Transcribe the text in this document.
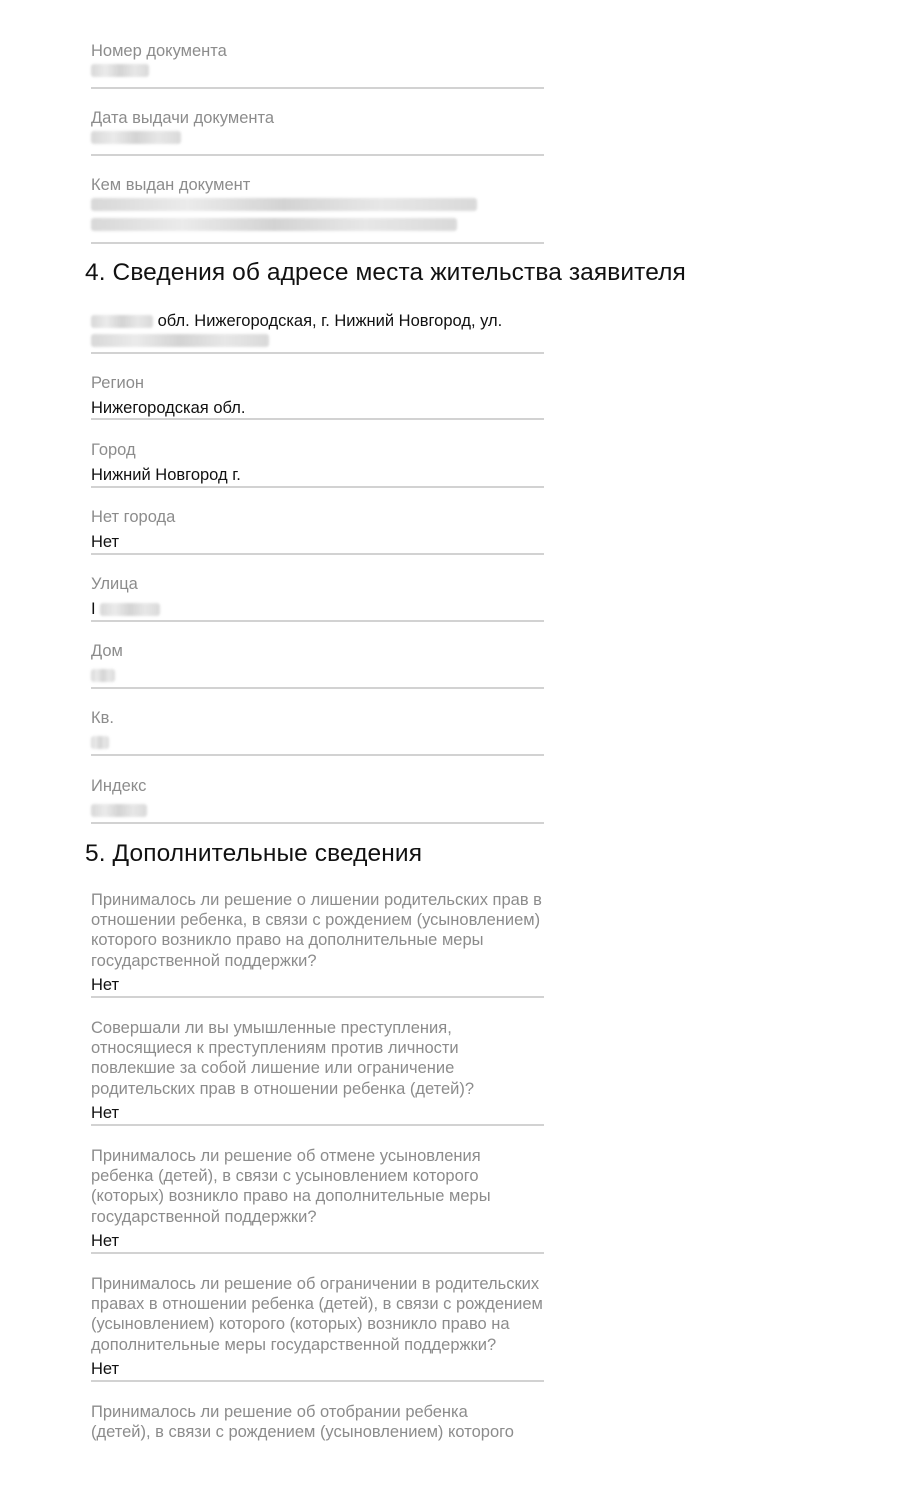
Номер документа
Дата выдачи документа
Кем выдан документ
4. Сведения об адресе места жительства заявителя
обл. Нижегородская, г. Нижний Новгород, ул.
Регион
Нижегородская обл.
Город
Нижний Новгород г.
Нет города
Нет
Улица
I
Дом
Кв.
Индекс
5. Дополнительные сведения
Принималось ли решение о лишении родительских прав в
отношении ребенка, в связи с рождением (усыновлением)
которого возникло право на дополнительные меры
государственной поддержки?
Нет
Совершали ли вы умышленные преступления,
относящиеся к преступлениям против личности
повлекшие за собой лишение или ограничение
родительских прав в отношении ребенка (детей)?
Нет
Принималось ли решение об отмене усыновления
ребенка (детей), в связи с усыновлением которого
(которых) возникло право на дополнительные меры
государственной поддержки?
Нет
Принималось ли решение об ограничении в родительских
правах в отношении ребенка (детей), в связи с рождением
(усыновлением) которого (которых) возникло право на
дополнительные меры государственной поддержки?
Нет
Принималось ли решение об отобрании ребенка
(детей), в связи с рождением (усыновлением) которого
